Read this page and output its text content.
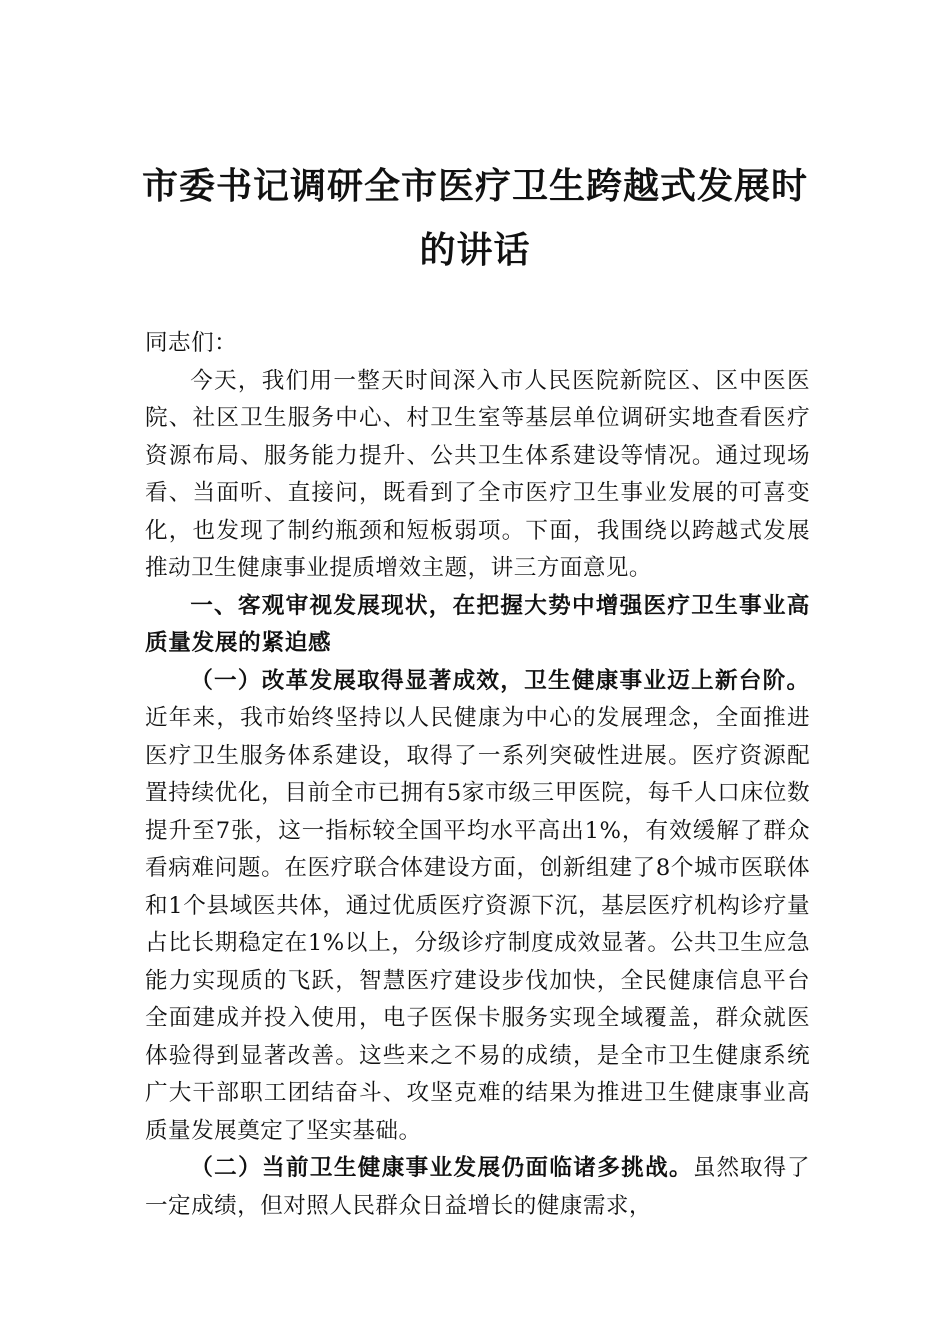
市委书记调研全市医疗卫生跨越式发展时
的讲话

同志们：

今天，我们用一整天时间深入市人民医院新院区、区中医医院、社区卫生服务中心、村卫生室等基层单位调研实地查看医疗资源布局、服务能力提升、公共卫生体系建设等情况。通过现场看、当面听、直接问，既看到了全市医疗卫生事业发展的可喜变化，也发现了制约瓶颈和短板弱项。下面，我围绕以跨越式发展推动卫生健康事业提质增效主题，讲三方面意见。

一、客观审视发展现状，在把握大势中增强医疗卫生事业高质量发展的紧迫感

（一）改革发展取得显著成效，卫生健康事业迈上新台阶。近年来，我市始终坚持以人民健康为中心的发展理念，全面推进医疗卫生服务体系建设，取得了一系列突破性进展。医疗资源配置持续优化，目前全市已拥有5家市级三甲医院，每千人口床位数提升至7张，这一指标较全国平均水平高出1%，有效缓解了群众看病难问题。在医疗联合体建设方面，创新组建了8个城市医联体和1个县域医共体，通过优质医疗资源下沉，基层医疗机构诊疗量占比长期稳定在1%以上，分级诊疗制度成效显著。公共卫生应急能力实现质的飞跃，智慧医疗建设步伐加快，全民健康信息平台全面建成并投入使用，电子医保卡服务实现全域覆盖，群众就医体验得到显著改善。这些来之不易的成绩，是全市卫生健康系统广大干部职工团结奋斗、攻坚克难的结果为推进卫生健康事业高质量发展奠定了坚实基础。

（二）当前卫生健康事业发展仍面临诸多挑战。虽然取得了一定成绩，但对照人民群众日益增长的健康需求，
